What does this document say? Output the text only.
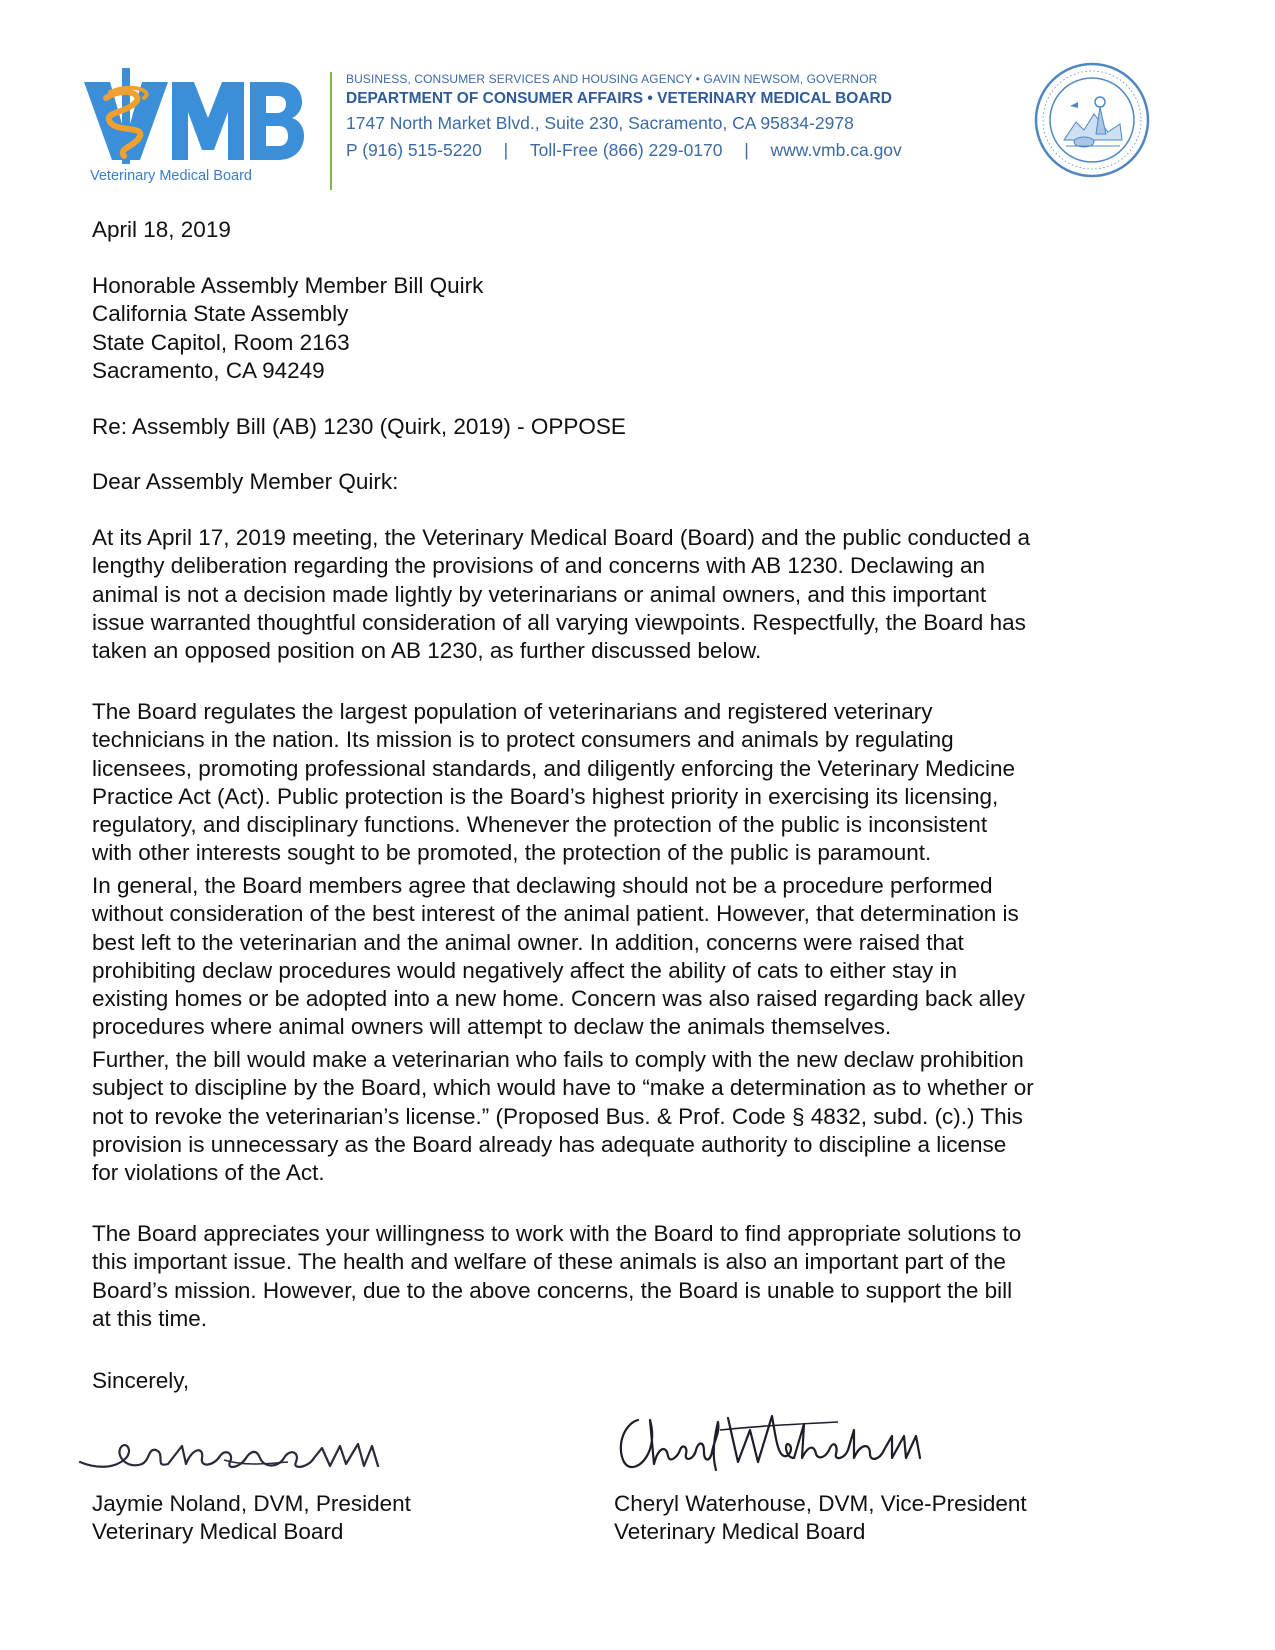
Veterinary Medical Board
BUSINESS, CONSUMER SERVICES AND HOUSING AGENCY • GAVIN NEWSOM, GOVERNOR
DEPARTMENT OF CONSUMER AFFAIRS • VETERINARY MEDICAL BOARD
1747 North Market Blvd., Suite 230, Sacramento, CA 95834-2978
P (916) 515-5220 | Toll-Free (866) 229-0170 | www.vmb.ca.gov

April 18, 2019

Honorable Assembly Member Bill Quirk

California State Assembly

State Capitol, Room 2163

Sacramento, CA 94249

Re: Assembly Bill (AB) 1230 (Quirk, 2019) - OPPOSE

Dear Assembly Member Quirk:

At its April 17, 2019 meeting, the Veterinary Medical Board (Board) and the public conducted a

lengthy deliberation regarding the provisions of and concerns with AB 1230. Declawing an

animal is not a decision made lightly by veterinarians or animal owners, and this important

issue warranted thoughtful consideration of all varying viewpoints. Respectfully, the Board has

taken an opposed position on AB 1230, as further discussed below.

The Board regulates the largest population of veterinarians and registered veterinary

technicians in the nation. Its mission is to protect consumers and animals by regulating

licensees, promoting professional standards, and diligently enforcing the Veterinary Medicine

Practice Act (Act). Public protection is the Board’s highest priority in exercising its licensing,

regulatory, and disciplinary functions. Whenever the protection of the public is inconsistent

with other interests sought to be promoted, the protection of the public is paramount.

In general, the Board members agree that declawing should not be a procedure performed

without consideration of the best interest of the animal patient. However, that determination is

best left to the veterinarian and the animal owner. In addition, concerns were raised that

prohibiting declaw procedures would negatively affect the ability of cats to either stay in

existing homes or be adopted into a new home. Concern was also raised regarding back alley

procedures where animal owners will attempt to declaw the animals themselves.

Further, the bill would make a veterinarian who fails to comply with the new declaw prohibition

subject to discipline by the Board, which would have to “make a determination as to whether or

not to revoke the veterinarian’s license.” (Proposed Bus. & Prof. Code § 4832, subd. (c).) This

provision is unnecessary as the Board already has adequate authority to discipline a license

for violations of the Act.

The Board appreciates your willingness to work with the Board to find appropriate solutions to

this important issue. The health and welfare of these animals is also an important part of the

Board’s mission. However, due to the above concerns, the Board is unable to support the bill

at this time.

Sincerely,

Jaymie Noland, DVM, President
Veterinary Medical Board
Cheryl Waterhouse, DVM, Vice-President
Veterinary Medical Board
